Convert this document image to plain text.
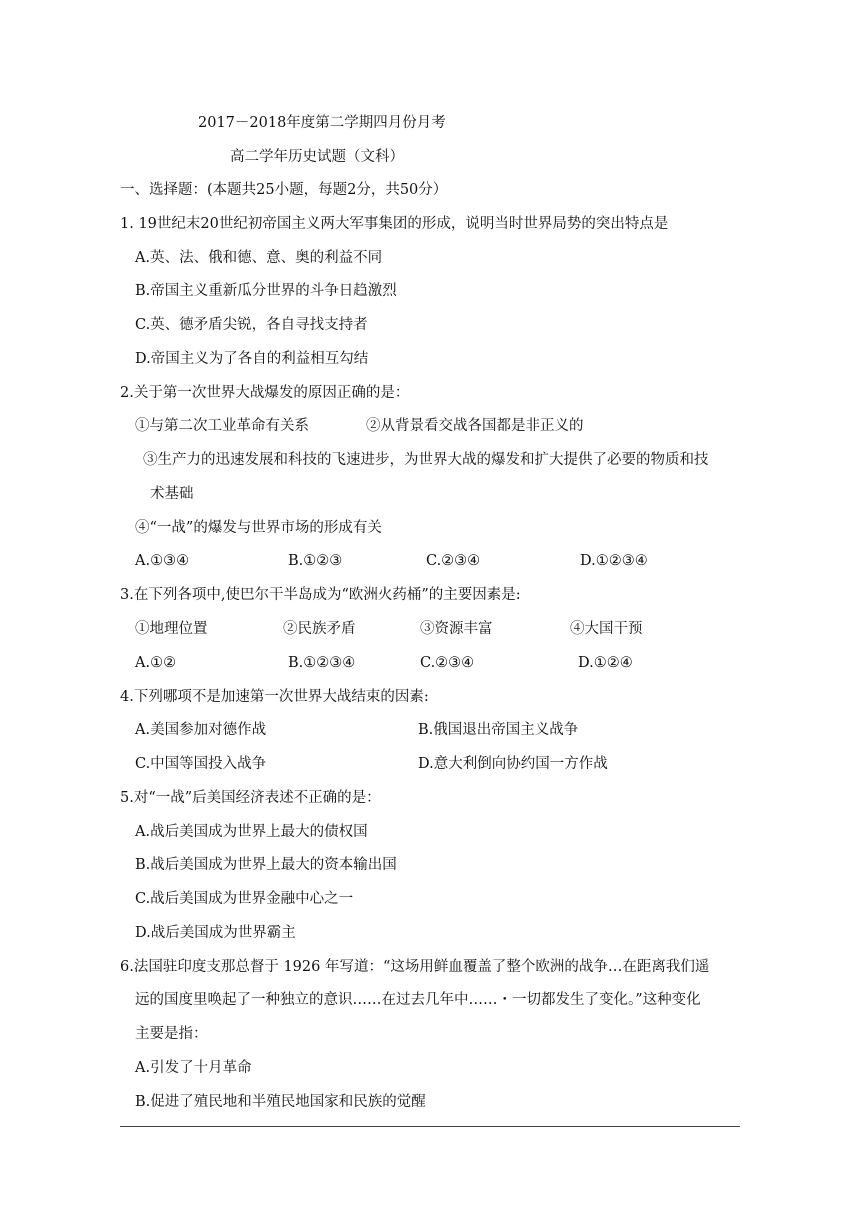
2017－2018年度第二学期四月份月考
高二学年历史试题（文科）
一、选择题：(本题共25小题，每题2分，共50分）
1. 19世纪末20世纪初帝国主义两大军事集团的形成，说明当时世界局势的突出特点是
A.英、法、俄和德、意、奥的利益不同
B.帝国主义重新瓜分世界的斗争日趋激烈
C.英、德矛盾尖锐，各自寻找支持者
D.帝国主义为了各自的利益相互勾结
2.关于第一次世界大战爆发的原因正确的是：
①与第二次工业革命有关系	②从背景看交战各国都是非正义的
③生产力的迅速发展和科技的飞速进步，为世界大战的爆发和扩大提供了必要的物质和技
术基础
④“一战”的爆发与世界市场的形成有关
A.①③④	B.①②③	C.②③④	D.①②③④
3.在下列各项中,使巴尔干半岛成为“欧洲火药桶”的主要因素是:
①地理位置	②民族矛盾	③资源丰富	④大国干预
A.①②	B.①②③④	C.②③④	D.①②④
4.下列哪项不是加速第一次世界大战结束的因素:
A.美国参加对德作战	B.俄国退出帝国主义战争
C.中国等国投入战争	D.意大利倒向协约国一方作战
5.对“一战”后美国经济表述不正确的是：
A.战后美国成为世界上最大的债权国
B.战后美国成为世界上最大的资本输出国
C.战后美国成为世界金融中心之一
D.战后美国成为世界霸主
6.法国驻印度支那总督于 1926 年写道：“这场用鲜血覆盖了整个欧洲的战争…在距离我们遥
远的国度里唤起了一种独立的意识……在过去几年中……・一切都发生了变化。”这种变化
主要是指：
A.引发了十月革命
B.促进了殖民地和半殖民地国家和民族的觉醒
